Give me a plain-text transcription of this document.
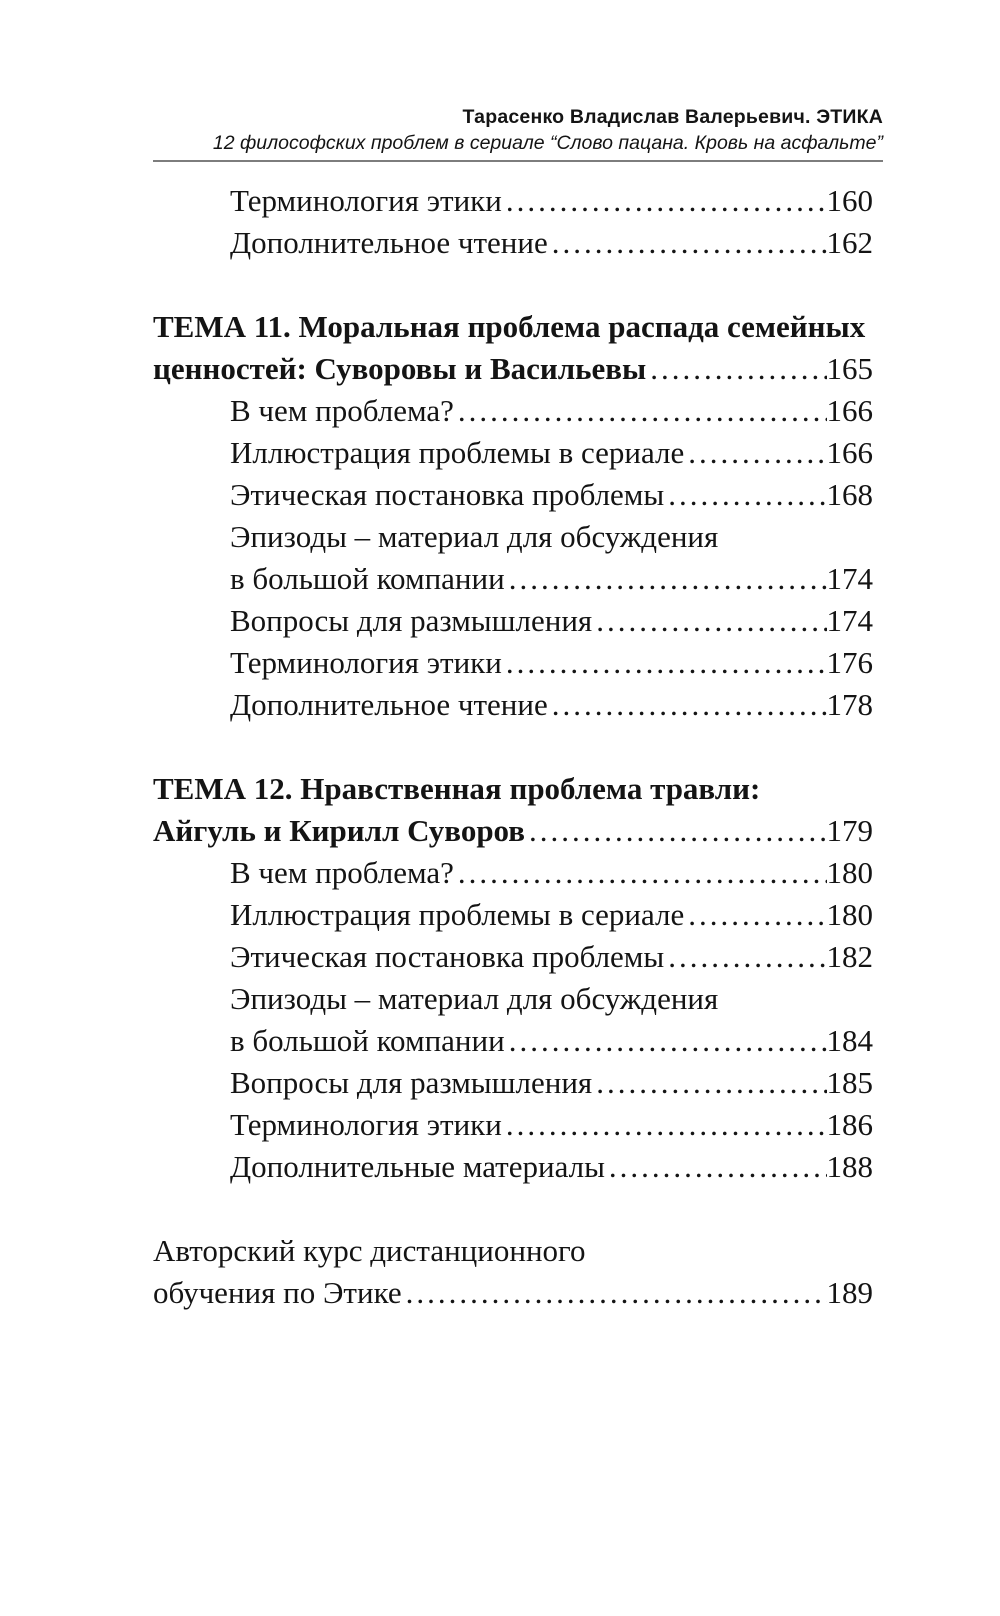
Тарасенко Владислав Валерьевич. ЭТИКА
12 философских проблем в сериале “Слово пацана. Кровь на асфальте”
Терминология этики .....	160
Дополнительное чтение .....	162
ТЕМА 11. Моральная проблема распада семейных
ценностей: Суворовы и Васильевы .....	165
В чем проблема? .....	166
Иллюстрация проблемы в сериале .....	166
Этическая постановка проблемы .....	168
Эпизоды – материал для обсуждения
в большой компании .....	174
Вопросы для размышления .....	174
Терминология этики .....	176
Дополнительное чтение .....	178
ТЕМА 12. Нравственная проблема травли:
Айгуль и Кирилл Суворов .....	179
В чем проблема? .....	180
Иллюстрация проблемы в сериале .....	180
Этическая постановка проблемы .....	182
Эпизоды – материал для обсуждения
в большой компании .....	184
Вопросы для размышления .....	185
Терминология этики .....	186
Дополнительные материалы .....	188
Авторский курс дистанционного
обучения по Этике .....	189
